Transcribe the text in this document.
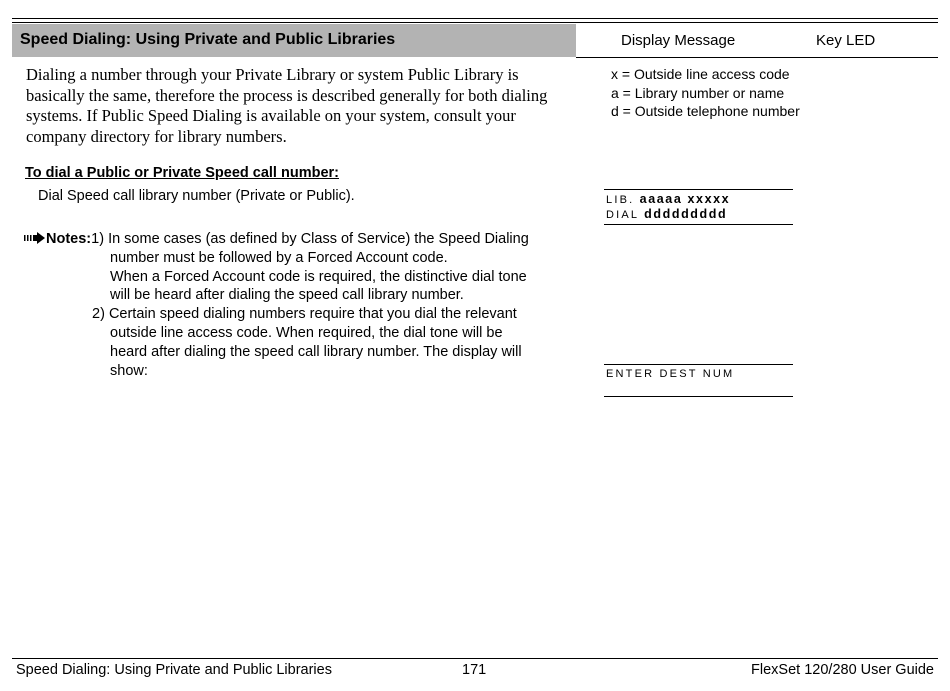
Speed Dialing: Using Private and Public Libraries	Display Message	Key LED
Dialing a number through your Private Library or system Public Library is basically the same, therefore the process is described generally for both dialing systems. If Public Speed Dialing is available on your system, consult your company directory for library numbers.
x = Outside line access code
a = Library number or name
d = Outside telephone number
To dial a Public or Private Speed call number:
Dial Speed call library number (Private or Public).	LIB. aaaaa xxxxx
DIAL ddddddddd
Notes:1) In some cases (as defined by Class of Service) the Speed Dialing
number must be followed by a Forced Account code.
When a Forced Account code is required, the distinctive dial tone
will be heard after dialing the speed call library number.
2) Certain speed dialing numbers require that you dial the relevant
outside line access code. When required, the dial tone will be
heard after dialing the speed call library number. The display will
show:	ENTER DEST NUM
Speed Dialing: Using Private and Public Libraries	171	FlexSet 120/280 User Guide
